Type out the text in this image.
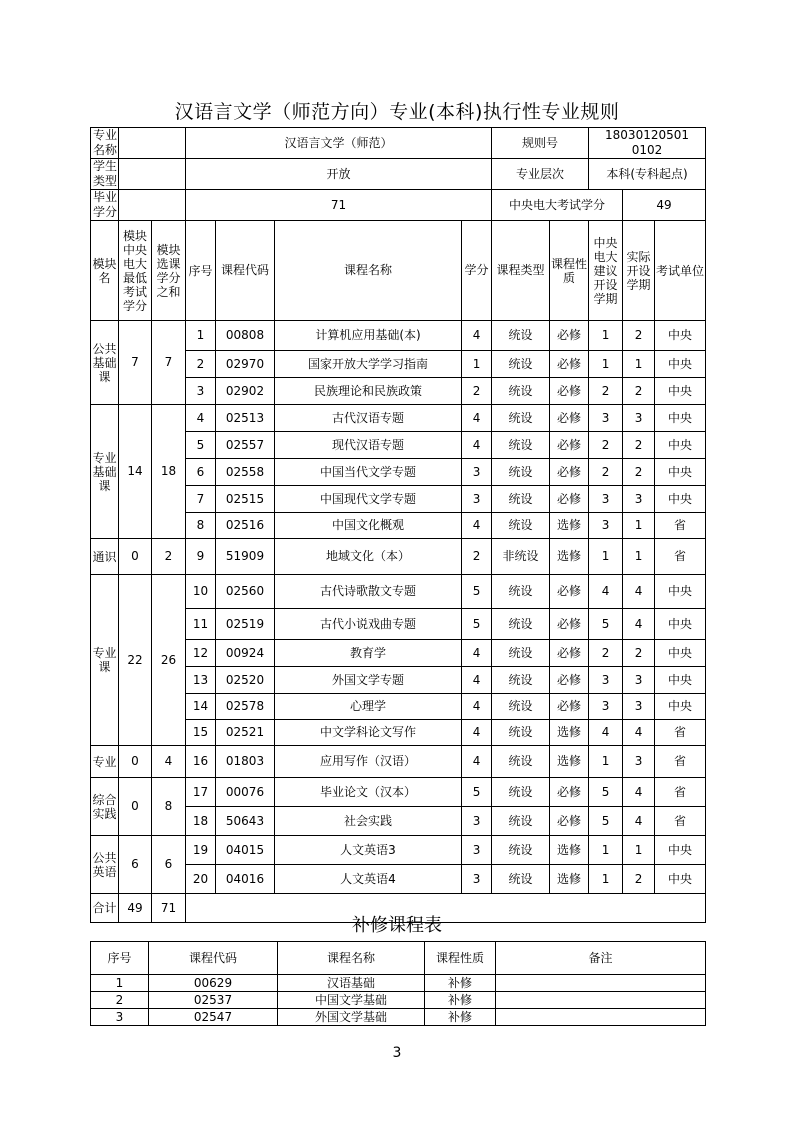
汉语言文学（师范方向）专业(本科)执行性专业规则
专业名称			汉语言文学（师范）				规则号		18030120501 0102		
学生类型			开放				专业层次		本科(专科起点)		
毕业学分			71				中央电大考试学分			49	
模块名	模块中央电大最低考试学分	模块选课学分之和	序号	课程代码	课程名称	学分	课程类型	课程性质	中央电大建议开设学期	实际开设学期	考试单位
公共基础课	7	7	1	00808	计算机应用基础(本)	4	统设	必修	1	2	中央
			2	02970	国家开放大学学习指南	1	统设	必修	1	1	中央
			3	02902	民族理论和民族政策	2	统设	必修	2	2	中央
专业基础课	14	18	4	02513	古代汉语专题	4	统设	必修	3	3	中央
			5	02557	现代汉语专题	4	统设	必修	2	2	中央
			6	02558	中国当代文学专题	3	统设	必修	2	2	中央
			7	02515	中国现代文学专题	3	统设	必修	3	3	中央
			8	02516	中国文化概观	4	统设	选修	3	1	省
通识	0	2	9	51909	地域文化（本）	2	非统设	选修	1	1	省
专业课	22	26	10	02560	古代诗歌散文专题	5	统设	必修	4	4	中央
			11	02519	古代小说戏曲专题	5	统设	必修	5	4	中央
			12	00924	教育学	4	统设	必修	2	2	中央
			13	02520	外国文学专题	4	统设	必修	3	3	中央
			14	02578	心理学	4	统设	必修	3	3	中央
			15	02521	中文学科论文写作	4	统设	选修	4	4	省
专业	0	4	16	01803	应用写作（汉语）	4	统设	选修	1	3	省
综合实践	0	8	17	00076	毕业论文（汉本）	5	统设	必修	5	4	省
			18	50643	社会实践	3	统设	必修	5	4	省
公共英语	6	6	19	04015	人文英语3	3	统设	选修	1	1	中央
			20	04016	人文英语4	3	统设	选修	1	2	中央
合计	49	71									
补修课程表
序号	课程代码	课程名称	课程性质	备注
1	00629	汉语基础	补修	
2	02537	中国文学基础	补修	
3	02547	外国文学基础	补修	
3
